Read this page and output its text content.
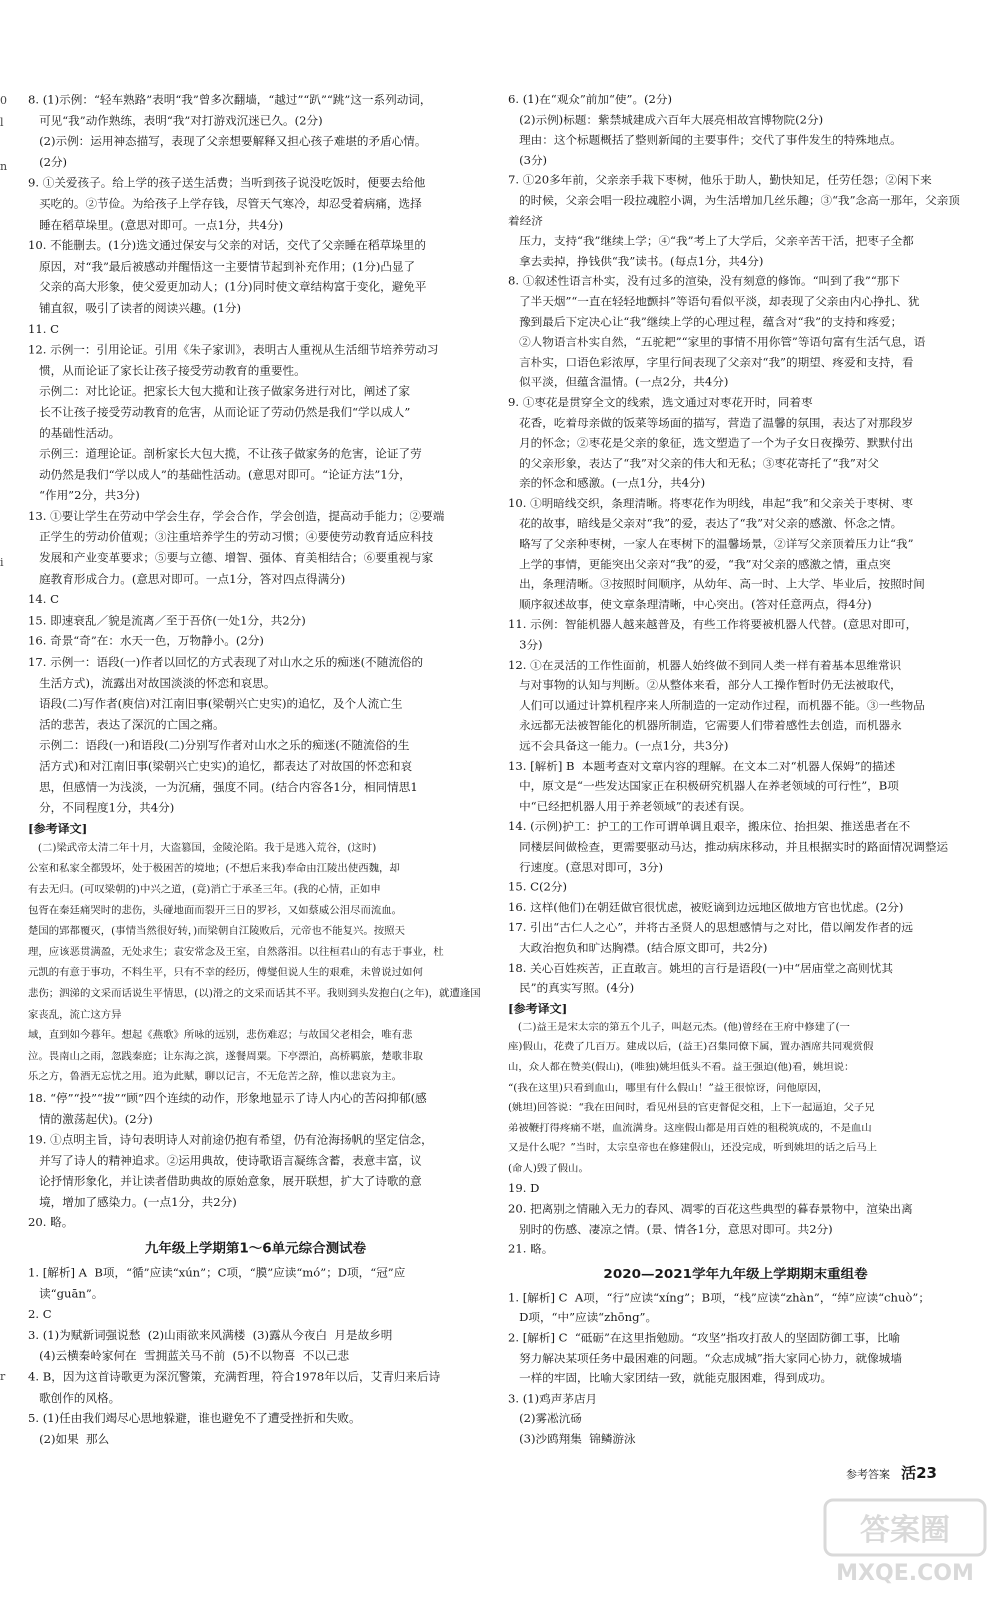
0
l
n
i
r
8. (1)示例：“轻车熟路”表明“我”曾多次翻墙，“越过”“趴”“跳”这一系列动词，
可见“我”动作熟练，表明“我”对打游戏沉迷已久。(2分)
(2)示例：运用神态描写，表现了父亲想要解释又担心孩子难堪的矛盾心情。
(2分)
9. ①关爱孩子。给上学的孩子送生活费；当听到孩子说没吃饭时，便要去给他
买吃的。②节俭。为给孩子上学存钱，尽管天气寒冷，却忍受着病痛，选择
睡在稻草垛里。(意思对即可。一点1分，共4分)
10. 不能删去。(1分)选文通过保安与父亲的对话，交代了父亲睡在稻草垛里的
原因，对“我”最后被感动并醒悟这一主要情节起到补充作用；(1分)凸显了
父亲的高大形象，使父爱更加动人；(1分)同时使文章结构富于变化，避免平
铺直叙，吸引了读者的阅读兴趣。(1分)
11. C
12. 示例一：引用论证。引用《朱子家训》，表明古人重视从生活细节培养劳动习
惯，从而论证了家长让孩子接受劳动教育的重要性。
示例二：对比论证。把家长大包大揽和让孩子做家务进行对比，阐述了家
长不让孩子接受劳动教育的危害，从而论证了劳动仍然是我们“学以成人”
的基础性活动。
示例三：道理论证。剖析家长大包大揽，不让孩子做家务的危害，论证了劳
动仍然是我们“学以成人”的基础性活动。(意思对即可。“论证方法”1分，
“作用”2分，共3分)
13. ①要让学生在劳动中学会生存，学会合作，学会创造，提高动手能力；②要端
正学生的劳动价值观；③注重培养学生的劳动习惯；④要使劳动教育适应科技
发展和产业变革要求；⑤要与立德、增智、强体、育美相结合；⑥要重视与家
庭教育形成合力。(意思对即可。一点1分，答对四点得满分)
14. C
15. 即速衰乱／貌是流离／至于吾侪(一处1分，共2分)
16. 奇景“奇”在：水天一色，万物静小。(2分)
17. 示例一：语段(一)作者以回忆的方式表现了对山水之乐的痴迷(不随流俗的
生活方式)，流露出对故国淡淡的怀恋和哀思。
语段(二)写作者(庾信)对江南旧事(梁朝兴亡史实)的追忆，及个人流亡生
活的悲苦，表达了深沉的亡国之痛。
示例二：语段(一)和语段(二)分别写作者对山水之乐的痴迷(不随流俗的生
活方式)和对江南旧事(梁朝兴亡史实)的追忆，都表达了对故国的怀恋和哀
思，但感情一为浅淡，一为沉痛，强度不同。(结合内容各1分，相同情思1
分，不同程度1分，共4分)
[参考译文]
(二)梁武帝太清二年十月，大盗篡国，金陵沦陷。我于是逃入荒谷，(这时)
公室和私家全都毁坏，处于极困苦的境地；(不想后来我)奉命由江陵出使西魏，却
有去无归。(可叹梁朝的)中兴之道，(竟)消亡于承圣三年。(我的心情，正如申
包胥在秦廷痛哭时的悲伤，头碰地面而裂开三日的罗衫，又如蔡威公泪尽而流血。
楚国的郢都覆灭，(事情当然很好转，)而梁朝自江陵败后，元帝也不能复兴。按照天
理，应该恶贯满盈，无处求生；袁安常念及王室，自然落泪。以往桓君山的有志于事业，杜
元凯的有意于事功，不料生平，只有不幸的经历，傅燮但说人生的艰难，未曾说过如何
悲伤；泗涕的文采而话说生平情思，(以)滑之的文采而话其不平。我则到头发抱白(之年)，就遭逢国家丧乱，流亡这方异
域，直到如今暮年。想起《燕歌》所咏的远别，悲伤难忍；与故国父老相会，唯有悲
泣。畏南山之雨，忽践秦庭；让东海之滨，遂餐周粟。下亭漂泊，高桥羁旅，楚歌非取
乐之方，鲁酒无忘忧之用。追为此赋，聊以记言，不无危苦之辞，惟以悲哀为主。
18. “停”“投”“拔”“顾”四个连续的动作，形象地显示了诗人内心的苦闷抑郁(感
情的激荡起伏)。(2分)
19. ①点明主旨，诗句表明诗人对前途仍抱有希望，仍有沧海扬帆的坚定信念，
并写了诗人的精神追求。②运用典故，使诗歌语言凝练含蓄，表意丰富，议
论抒情形象化，并让读者借助典故的原始意象，展开联想，扩大了诗歌的意
境，增加了感染力。(一点1分，共2分)
20. 略。
九年级上学期第1～6单元综合测试卷
1. [解析] A  B项，“循”应读“xún”；C项，“膜”应读“mó”；D项，“冠”应
读“guān”。
2. C
3. (1)为赋新词强说愁  (2)山雨欲来风满楼  (3)露从今夜白  月是故乡明
(4)云横秦岭家何在  雪拥蓝关马不前  (5)不以物喜  不以己悲
4. B，因为这首诗歌更为深沉警策，充满哲理，符合1978年以后，艾青归来后诗
歌创作的风格。
5. (1)任由我们竭尽心思地躲避，谁也避免不了遭受挫折和失败。
(2)如果  那么
6. (1)在“观众”前加“使”。(2分)
(2)示例)标题：紫禁城建成六百年大展亮相故宫博物院(2分)
理由：这个标题概括了整则新闻的主要事件；交代了事件发生的特殊地点。
(3分)
7. ①20多年前，父亲亲手栽下枣树，他乐于助人，勤快知足，任劳任怨；②闲下来
的时候，父亲会唱一段拉魂腔小调，为生活增加几丝乐趣；③“我”念高一那年，父亲顶着经济
压力，支持“我”继续上学；④“我”考上了大学后，父亲辛苦干活，把枣子全都
拿去卖掉，挣钱供“我”读书。(每点1分，共4分)
8. ①叙述性语言朴实，没有过多的渲染，没有刻意的修饰。“叫到了我”“那下
了半天烟”“一直在轻轻地颤抖”等语句看似平淡，却表现了父亲由内心挣扎、犹
豫到最后下定决心让“我”继续上学的心理过程，蕴含对“我”的支持和疼爱；
②人物语言朴实自然，“五驼耙”“家里的事情不用你管”等语句富有生活气息，语
言朴实，口语色彩浓厚，字里行间表现了父亲对“我”的期望、疼爱和支持，看
似平淡，但蕴含温情。(一点2分，共4分)
9. ①枣花是贯穿全文的线索，选文通过对枣花开时，同着枣
花香，吃着母亲做的饭菜等场面的描写，营造了温馨的氛围，表达了对那段岁
月的怀念；②枣花是父亲的象征，选文塑造了一个为子女日夜操劳、默默付出
的父亲形象，表达了“我”对父亲的伟大和无私；③枣花寄托了“我”对父
亲的怀念和感激。(一点1分，共4分)
10. ①明暗线交织，条理清晰。将枣花作为明线，串起“我”和父亲关于枣树、枣
花的故事，暗线是父亲对“我”的爱，表达了“我”对父亲的感激、怀念之情。
略写了父亲种枣树，一家人在枣树下的温馨场景，②详写父亲顶着压力让“我”
上学的事情，更能突出父亲对“我”的爱，“我”对父亲的感激之情，重点突
出，条理清晰。③按照时间顺序，从幼年、高一时、上大学、毕业后，按照时间
顺序叙述故事，使文章条理清晰，中心突出。(答对任意两点，得4分)
11. 示例：智能机器人越来越普及，有些工作将要被机器人代替。(意思对即可，
3分)
12. ①在灵活的工作性面前，机器人始终做不到同人类一样有着基本思维常识
与对事物的认知与判断。②从整体来看，部分人工操作暂时仍无法被取代，
人们可以通过计算机程序来人所制造的一定动作过程，而机器不能。③一些物品
永远都无法被智能化的机器所制造，它需要人们带着感性去创造，而机器永
远不会具备这一能力。(一点1分，共3分)
13. [解析] B  本题考查对文章内容的理解。在文本二对“机器人保姆”的描述
中，原文是“一些发达国家正在积极研究机器人在养老领域的可行性”，B项
中“已经把机器人用于养老领域”的表述有误。
14. (示例)护工：护工的工作可谓单调且艰辛，搬床位、抬担架、推送患者在不
同楼层间做检查，更需要驱动马达，推动病床移动，并且根据实时的路面情况调整运
行速度。(意思对即可，3分)
15. C(2分)
16. 这样(他们)在朝廷做官很忧虑，被贬谪到边远地区做地方官也忧虑。(2分)
17. 引出“古仁人之心”，并将古圣贤人的思想感情与之对比，借以阐发作者的远
大政治抱负和旷达胸襟。(结合原文即可，共2分)
18. 关心百姓疾苦，正直敢言。姚坦的言行是语段(一)中“居庙堂之高则忧其
民”的真实写照。(4分)
[参考译文]
(二)益王是宋太宗的第五个儿子，叫赵元杰。(他)曾经在王府中修建了(一
座)假山，花费了几百万。建成以后，(益王)召集同僚下属，置办酒席共同观赏假
山，众人都在赞美(假山)，(唯独)姚坦低头不看。益王强迫(他)看，姚坦说：
“(我在这里)只看到血山，哪里有什么假山！”益王很惊讶，问他原因，
(姚坦)回答说：“我在田间时，看见州县的官吏督促交租，上下一起逼迫，父子兄
弟被鞭打得疼痛不堪，血流满身。这座假山都是用百姓的租税筑成的，不是血山
又是什么呢？”当时，太宗皇帝也在修建假山，还没完成，听到姚坦的话之后马上
(命人)毁了假山。
19. D
20. 把离别之情融入无力的春风、凋零的百花这些典型的暮春景物中，渲染出离
别时的伤感、凄凉之情。(景、情各1分，意思对即可。共2分)
21. 略。
2020—2021学年九年级上学期期末重组卷
1. [解析] C  A项，“行”应读“xíng”；B项，“栈”应读“zhàn”，“绰”应读“chuò”；
D项，“中”应读“zhōng”。
2. [解析] C  “砥砺”在这里指勉励。“攻坚”指攻打敌人的坚固防御工事，比喻
努力解决某项任务中最困难的问题。“众志成城”指大家同心协力，就像城墙
一样的牢固，比喻大家团结一致，就能克服困难，得到成功。
3. (1)鸡声茅店月
(2)雾凇沆砀
(3)沙鸥翔集  锦鳞游泳
参考答案 活23
答案圈
MXQE.COM
